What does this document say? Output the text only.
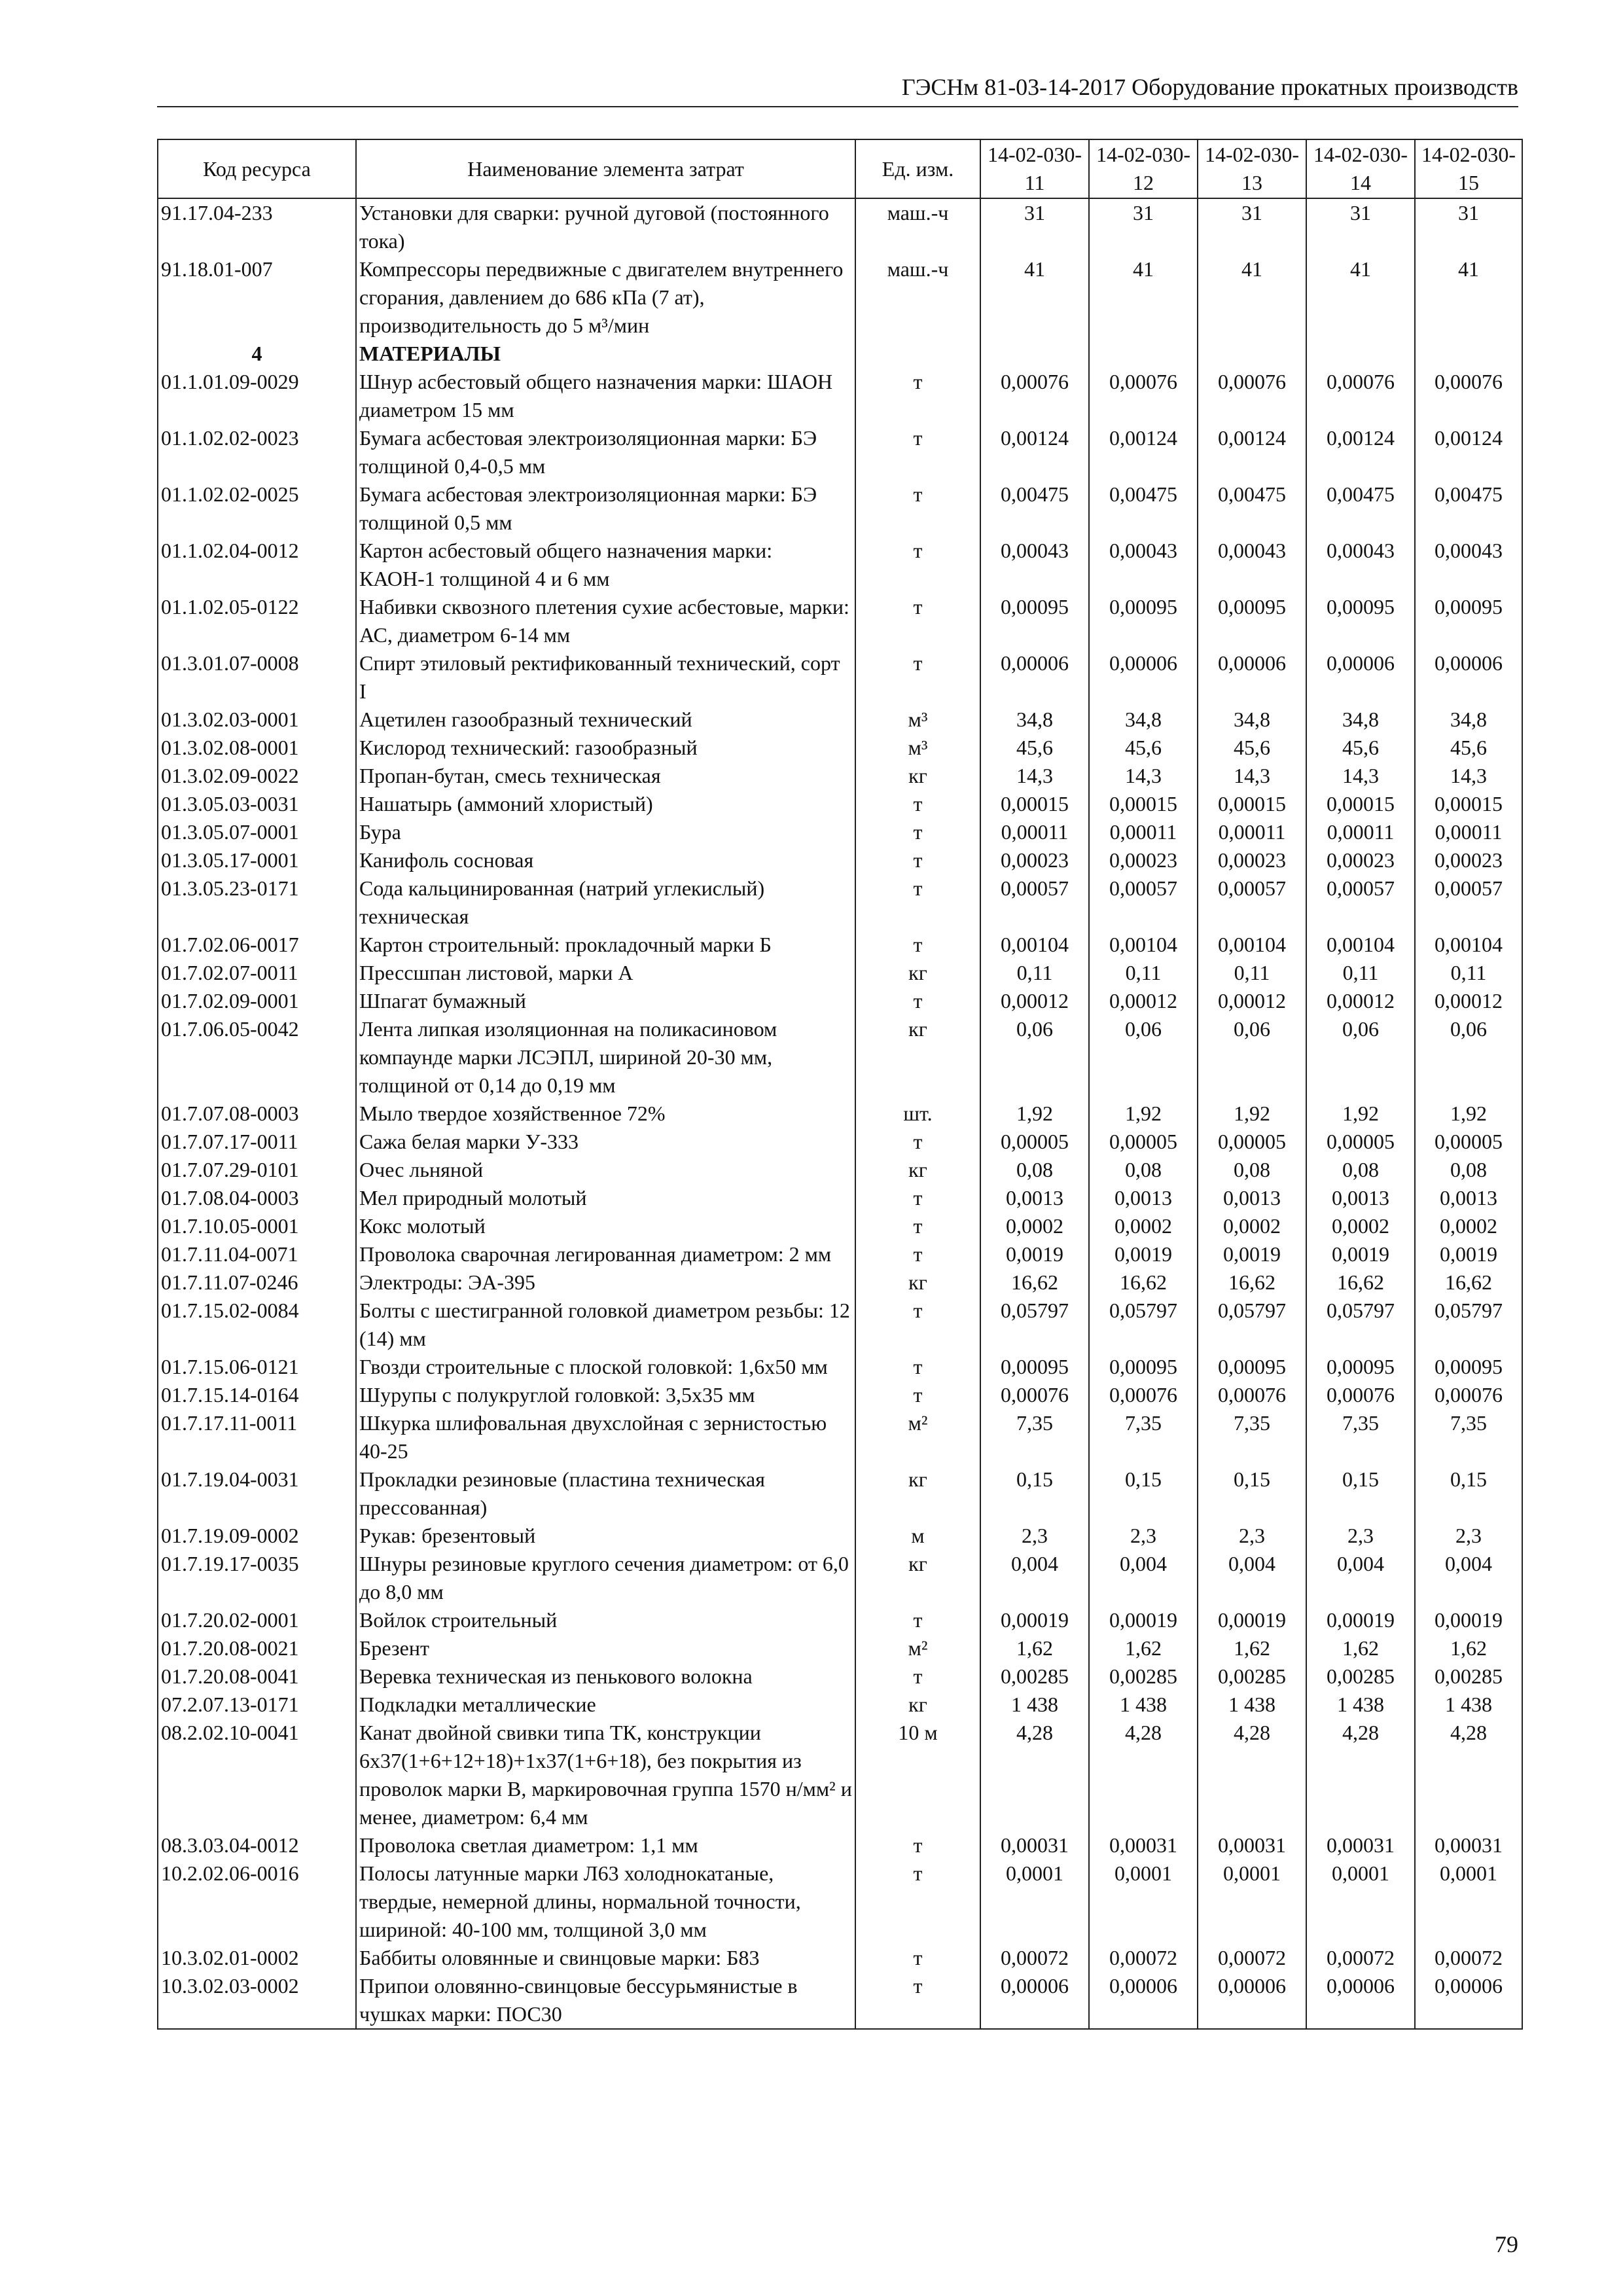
ГЭСНм 81-03-14-2017 Оборудование прокатных производств
Код ресурса	Наименование элемента затрат	Ед. изм.	14-02-030-11	14-02-030-12	14-02-030-13	14-02-030-14	14-02-030-15
91.17.04-233	Установки для сварки: ручной дуговой (постоянного тока)	маш.-ч	31	31	31	31	31
91.18.01-007	Компрессоры передвижные с двигателем внутреннего сгорания, давлением до 686 кПа (7 ат), производительность до 5 м³/мин	маш.-ч	41	41	41	41	41
4	МАТЕРИАЛЫ						
01.1.01.09-0029	Шнур асбестовый общего назначения марки: ШАОН диаметром 15 мм	т	0,00076	0,00076	0,00076	0,00076	0,00076
01.1.02.02-0023	Бумага асбестовая электроизоляционная марки: БЭ толщиной 0,4-0,5 мм	т	0,00124	0,00124	0,00124	0,00124	0,00124
01.1.02.02-0025	Бумага асбестовая электроизоляционная марки: БЭ толщиной 0,5 мм	т	0,00475	0,00475	0,00475	0,00475	0,00475
01.1.02.04-0012	Картон асбестовый общего назначения марки: КАОН-1 толщиной 4 и 6 мм	т	0,00043	0,00043	0,00043	0,00043	0,00043
01.1.02.05-0122	Набивки сквозного плетения сухие асбестовые, марки: АС, диаметром 6-14 мм	т	0,00095	0,00095	0,00095	0,00095	0,00095
01.3.01.07-0008	Спирт этиловый ректификованный технический, сорт I	т	0,00006	0,00006	0,00006	0,00006	0,00006
01.3.02.03-0001	Ацетилен газообразный технический	м³	34,8	34,8	34,8	34,8	34,8
01.3.02.08-0001	Кислород технический: газообразный	м³	45,6	45,6	45,6	45,6	45,6
01.3.02.09-0022	Пропан-бутан, смесь техническая	кг	14,3	14,3	14,3	14,3	14,3
01.3.05.03-0031	Нашатырь (аммоний хлористый)	т	0,00015	0,00015	0,00015	0,00015	0,00015
01.3.05.07-0001	Бура	т	0,00011	0,00011	0,00011	0,00011	0,00011
01.3.05.17-0001	Канифоль сосновая	т	0,00023	0,00023	0,00023	0,00023	0,00023
01.3.05.23-0171	Сода кальцинированная (натрий углекислый) техническая	т	0,00057	0,00057	0,00057	0,00057	0,00057
01.7.02.06-0017	Картон строительный: прокладочный марки Б	т	0,00104	0,00104	0,00104	0,00104	0,00104
01.7.02.07-0011	Прессшпан листовой, марки А	кг	0,11	0,11	0,11	0,11	0,11
01.7.02.09-0001	Шпагат бумажный	т	0,00012	0,00012	0,00012	0,00012	0,00012
01.7.06.05-0042	Лента липкая изоляционная на поликасиновом компаунде марки ЛСЭПЛ, шириной 20-30 мм, толщиной от 0,14 до 0,19 мм	кг	0,06	0,06	0,06	0,06	0,06
01.7.07.08-0003	Мыло твердое хозяйственное 72%	шт.	1,92	1,92	1,92	1,92	1,92
01.7.07.17-0011	Сажа белая марки У-333	т	0,00005	0,00005	0,00005	0,00005	0,00005
01.7.07.29-0101	Очес льняной	кг	0,08	0,08	0,08	0,08	0,08
01.7.08.04-0003	Мел природный молотый	т	0,0013	0,0013	0,0013	0,0013	0,0013
01.7.10.05-0001	Кокс молотый	т	0,0002	0,0002	0,0002	0,0002	0,0002
01.7.11.04-0071	Проволока сварочная легированная диаметром: 2 мм	т	0,0019	0,0019	0,0019	0,0019	0,0019
01.7.11.07-0246	Электроды: ЭА-395	кг	16,62	16,62	16,62	16,62	16,62
01.7.15.02-0084	Болты с шестигранной головкой диаметром резьбы: 12 (14) мм	т	0,05797	0,05797	0,05797	0,05797	0,05797
01.7.15.06-0121	Гвозди строительные с плоской головкой: 1,6х50 мм	т	0,00095	0,00095	0,00095	0,00095	0,00095
01.7.15.14-0164	Шурупы с полукруглой головкой: 3,5х35 мм	т	0,00076	0,00076	0,00076	0,00076	0,00076
01.7.17.11-0011	Шкурка шлифовальная двухслойная с зернистостью 40-25	м²	7,35	7,35	7,35	7,35	7,35
01.7.19.04-0031	Прокладки резиновые (пластина техническая прессованная)	кг	0,15	0,15	0,15	0,15	0,15
01.7.19.09-0002	Рукав: брезентовый	м	2,3	2,3	2,3	2,3	2,3
01.7.19.17-0035	Шнуры резиновые круглого сечения диаметром: от 6,0 до 8,0 мм	кг	0,004	0,004	0,004	0,004	0,004
01.7.20.02-0001	Войлок строительный	т	0,00019	0,00019	0,00019	0,00019	0,00019
01.7.20.08-0021	Брезент	м²	1,62	1,62	1,62	1,62	1,62
01.7.20.08-0041	Веревка техническая из пенькового волокна	т	0,00285	0,00285	0,00285	0,00285	0,00285
07.2.07.13-0171	Подкладки металлические	кг	1 438	1 438	1 438	1 438	1 438
08.2.02.10-0041	Канат двойной свивки типа ТК, конструкции 6х37(1+6+12+18)+1х37(1+6+18), без покрытия из проволок марки В, маркировочная группа 1570 н/мм² и менее, диаметром: 6,4 мм	10 м	4,28	4,28	4,28	4,28	4,28
08.3.03.04-0012	Проволока светлая диаметром: 1,1 мм	т	0,00031	0,00031	0,00031	0,00031	0,00031
10.2.02.06-0016	Полосы латунные марки Л63 холоднокатаные, твердые, немерной длины, нормальной точности, шириной: 40-100 мм, толщиной 3,0 мм	т	0,0001	0,0001	0,0001	0,0001	0,0001
10.3.02.01-0002	Баббиты оловянные и свинцовые марки: Б83	т	0,00072	0,00072	0,00072	0,00072	0,00072
10.3.02.03-0002	Припои оловянно-свинцовые бессурьмянистые в чушках марки: ПОС30	т	0,00006	0,00006	0,00006	0,00006	0,00006

79
